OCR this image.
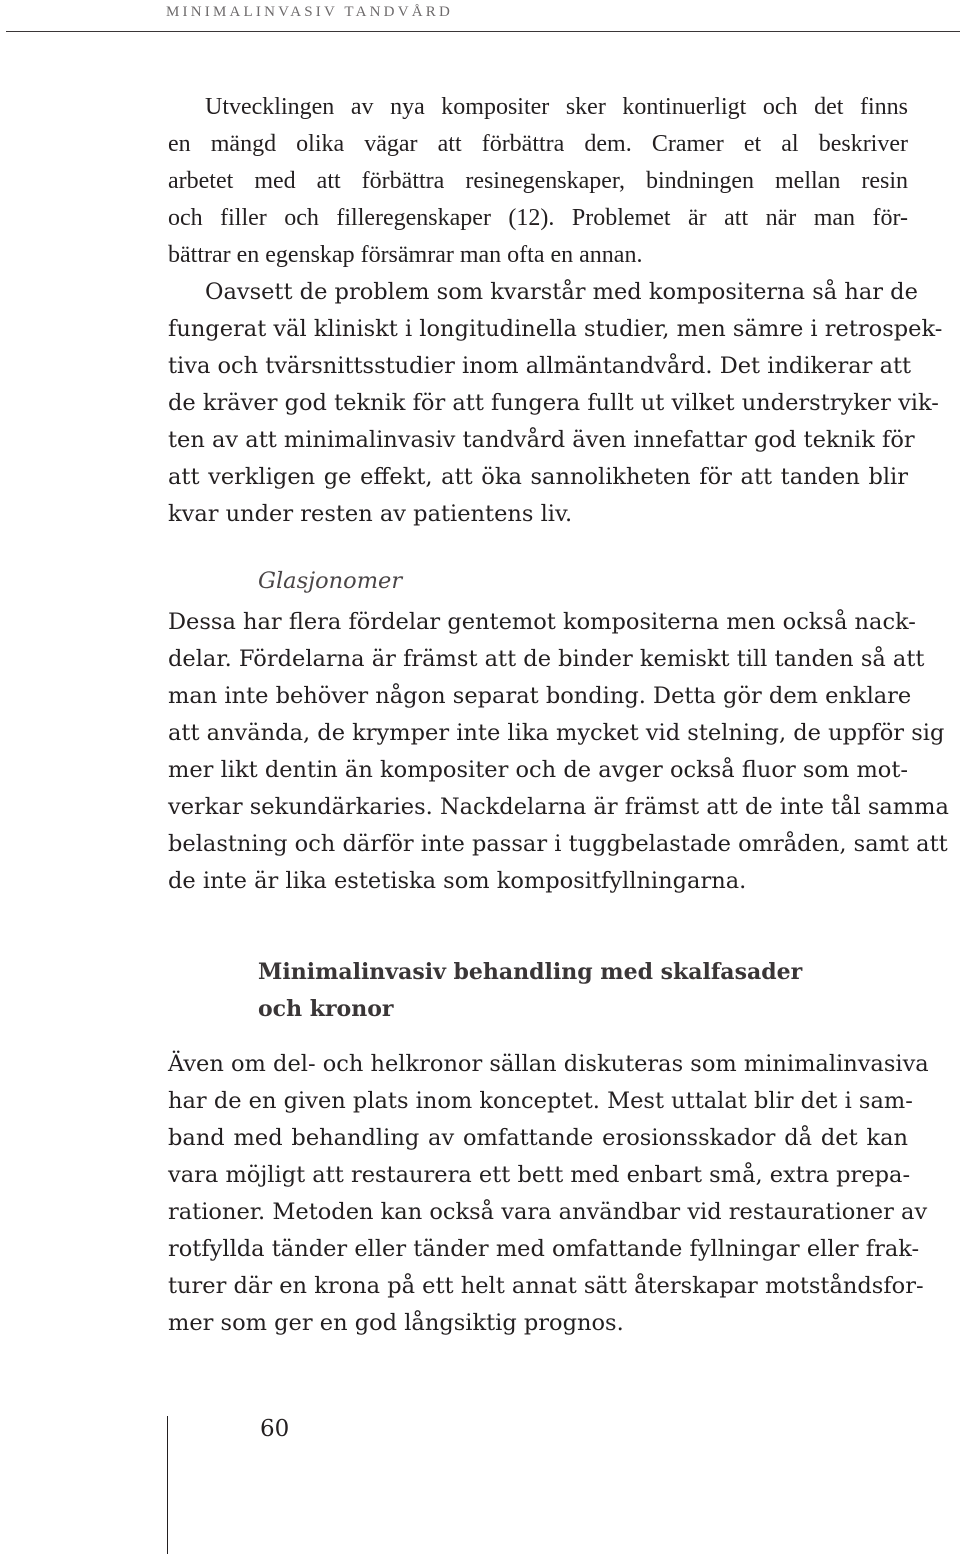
MINIMALINVASIV TANDVÅRD

Utvecklingen av nya kompositer sker kontinuerligt och det finns
en mängd olika vägar att förbättra dem. Cramer et al beskriver
arbetet med att förbättra resinegenskaper, bindningen mellan resin
och filler och filleregenskaper (12). Problemet är att när man för-
bättrar en egenskap försämrar man ofta en annan.

Oavsett de problem som kvarstår med kompositerna så har de
fungerat väl kliniskt i longitudinella studier, men sämre i retrospek-
tiva och tvärsnittsstudier inom allmäntandvård. Det indikerar att
de kräver god teknik för att fungera fullt ut vilket understryker vik-
ten av att minimalinvasiv tandvård även innefattar god teknik för
att verkligen ge effekt, att öka sannolikheten för att tanden blir
kvar under resten av patientens liv.

Glasjonomer

Dessa har flera fördelar gentemot kompositerna men också nack-
delar. Fördelarna är främst att de binder kemiskt till tanden så att
man inte behöver någon separat bonding. Detta gör dem enklare
att använda, de krymper inte lika mycket vid stelning, de uppför sig
mer likt dentin än kompositer och de avger också fluor som mot-
verkar sekundärkaries. Nackdelarna är främst att de inte tål samma
belastning och därför inte passar i tuggbelastade områden, samt att
de inte är lika estetiska som kompositfyllningarna.

Minimalinvasiv behandling med skalfasader
och kronor

Även om del- och helkronor sällan diskuteras som minimalinvasiva
har de en given plats inom konceptet. Mest uttalat blir det i sam-
band med behandling av omfattande erosionsskador då det kan
vara möjligt att restaurera ett bett med enbart små, extra prepa-
rationer. Metoden kan också vara användbar vid restaurationer av
rotfyllda tänder eller tänder med omfattande fyllningar eller frak-
turer där en krona på ett helt annat sätt återskapar motståndsfor-
mer som ger en god långsiktig prognos.

60
